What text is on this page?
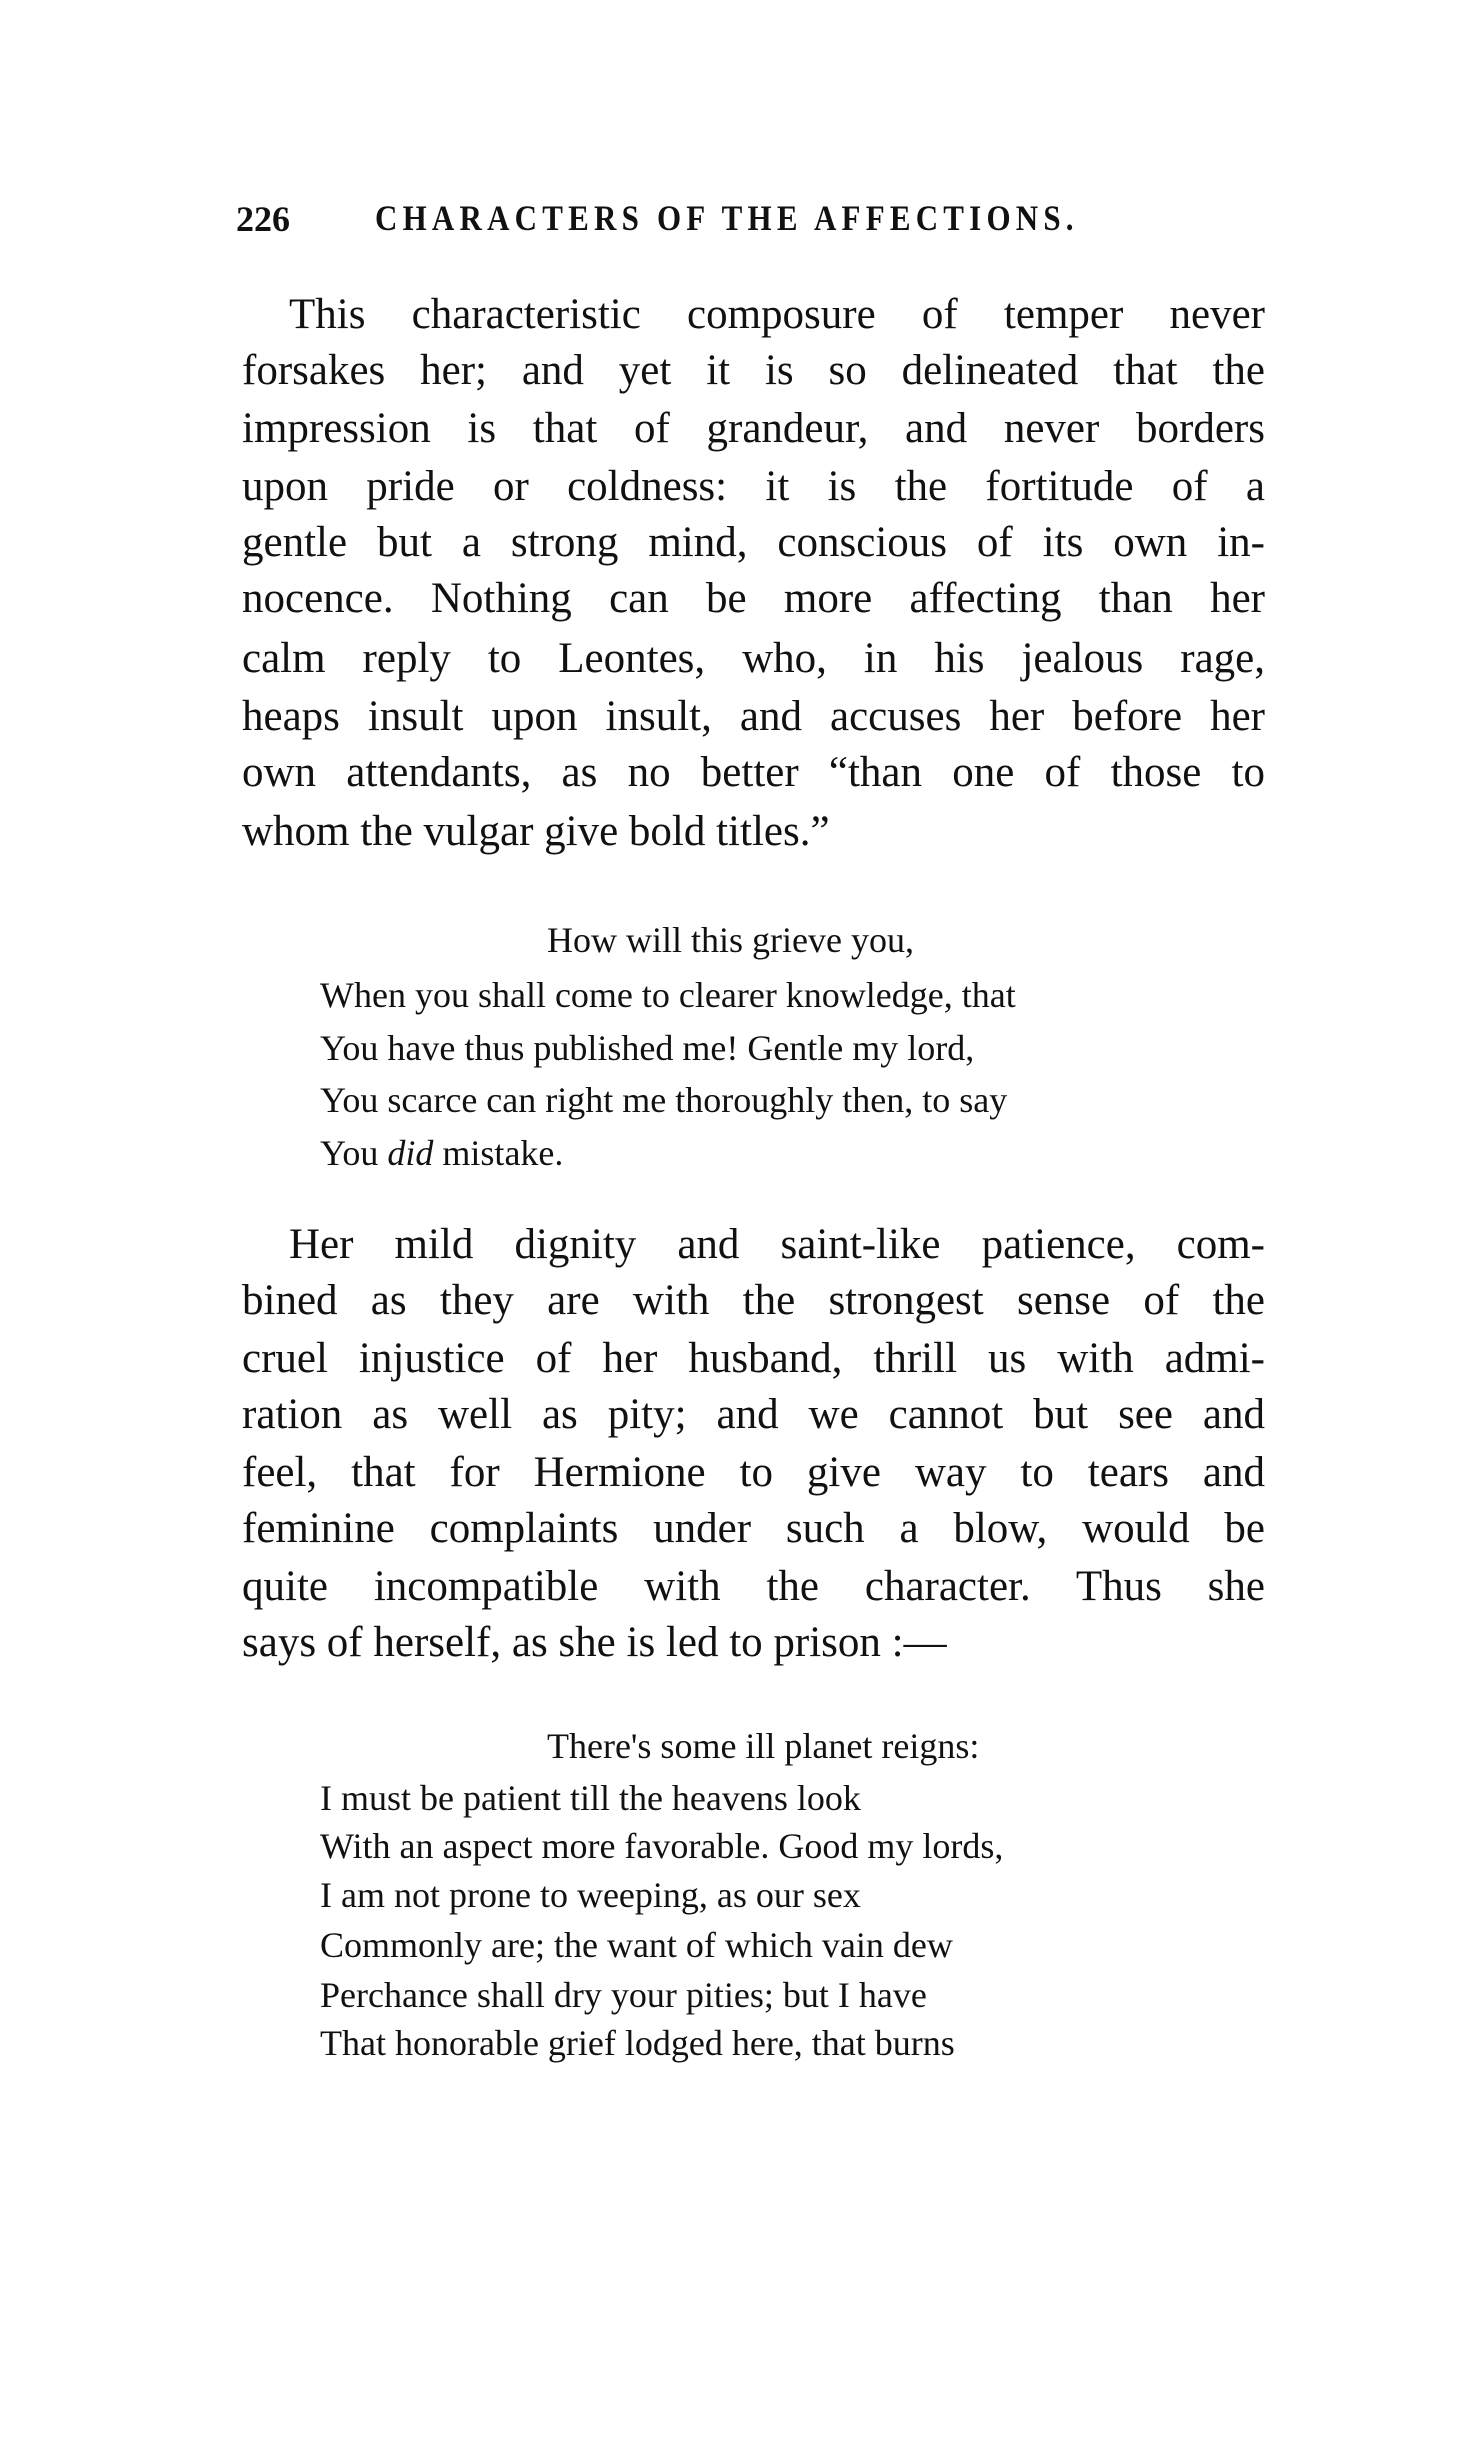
226	CHARACTERS OF THE AFFECTIONS.
This characteristic composure of temper never
forsakes her; and yet it is so delineated that the
impression is that of grandeur, and never borders
upon pride or coldness: it is the fortitude of a
gentle but a strong mind, conscious of its own in-
nocence. Nothing can be more affecting than her
calm reply to Leontes, who, in his jealous rage,
heaps insult upon insult, and accuses her before her
own attendants, as no better “than one of those to
whom the vulgar give bold titles.”
How will this grieve you,
When you shall come to clearer knowledge, that
You have thus published me! Gentle my lord,
You scarce can right me thoroughly then, to say
You did mistake.
Her mild dignity and saint-like patience, com-
bined as they are with the strongest sense of the
cruel injustice of her husband, thrill us with admi-
ration as well as pity; and we cannot but see and
feel, that for Hermione to give way to tears and
feminine complaints under such a blow, would be
quite incompatible with the character. Thus she
says of herself, as she is led to prison :—
There's some ill planet reigns:
I must be patient till the heavens look
With an aspect more favorable. Good my lords,
I am not prone to weeping, as our sex
Commonly are; the want of which vain dew
Perchance shall dry your pities; but I have
That honorable grief lodged here, that burns
